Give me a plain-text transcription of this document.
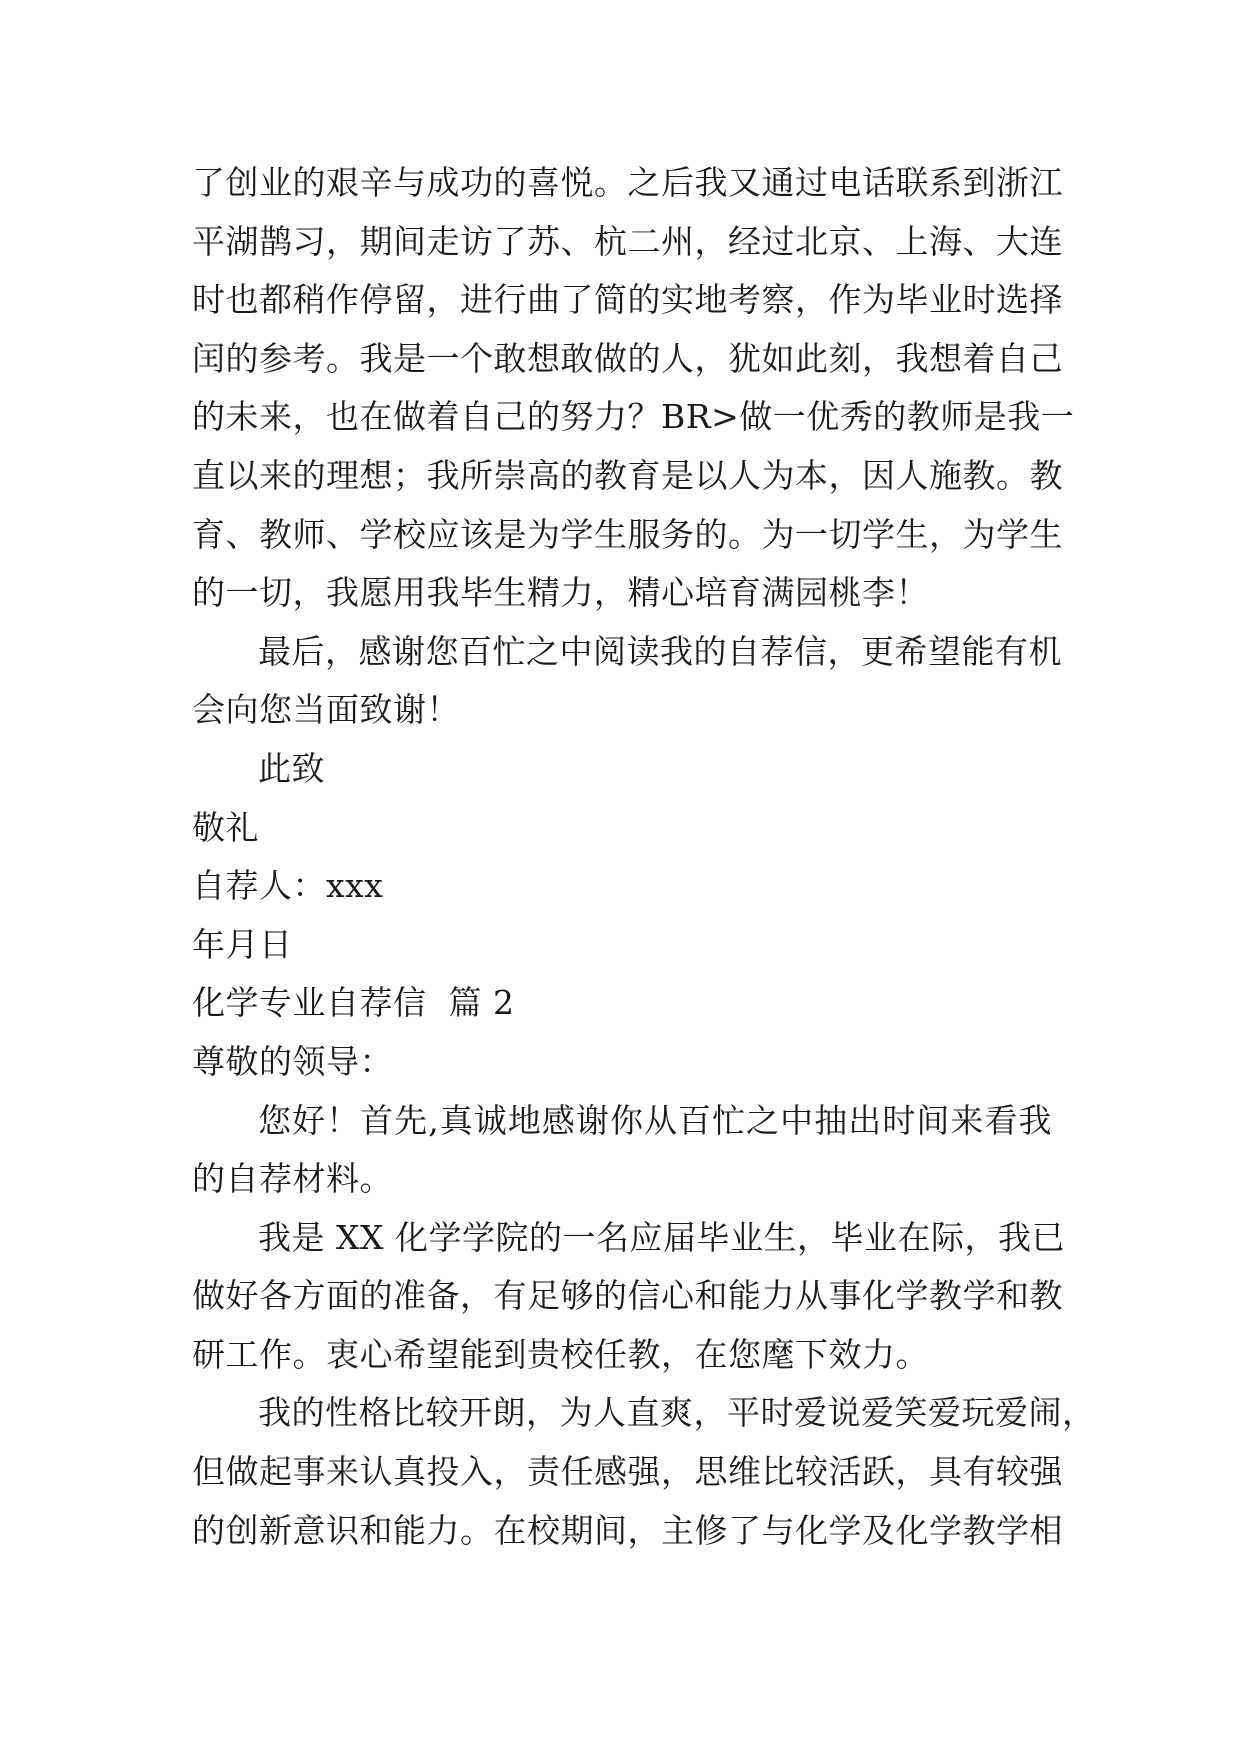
了创业的艰辛与成功的喜悦。之后我又通过电话联系到浙江
平湖鹊习，期间走访了苏、杭二州，经过北京、上海、大连
时也都稍作停留，进行曲了简的实地考察，作为毕业时选择
闰的参考。我是一个敢想敢做的人，犹如此刻，我想着自己
的未来，也在做着自己的努力？BR>做一优秀的教师是我一
直以来的理想；我所崇高的教育是以人为本，因人施教。教
育、教师、学校应该是为学生服务的。为一切学生，为学生
的一切，我愿用我毕生精力，精心培育满园桃李！
最后，感谢您百忙之中阅读我的自荐信，更希望能有机
会向您当面致谢！
此致
敬礼
自荐人：xxx
年月日
化学专业自荐信  篇 2
尊敬的领导：
您好！首先,真诚地感谢你从百忙之中抽出时间来看我
的自荐材料。
我是 XX 化学学院的一名应届毕业生，毕业在际，我已
做好各方面的准备，有足够的信心和能力从事化学教学和教
研工作。衷心希望能到贵校任教，在您麾下效力。
我的性格比较开朗，为人直爽，平时爱说爱笑爱玩爱闹，
但做起事来认真投入，责任感强，思维比较活跃，具有较强
的创新意识和能力。在校期间，主修了与化学及化学教学相
